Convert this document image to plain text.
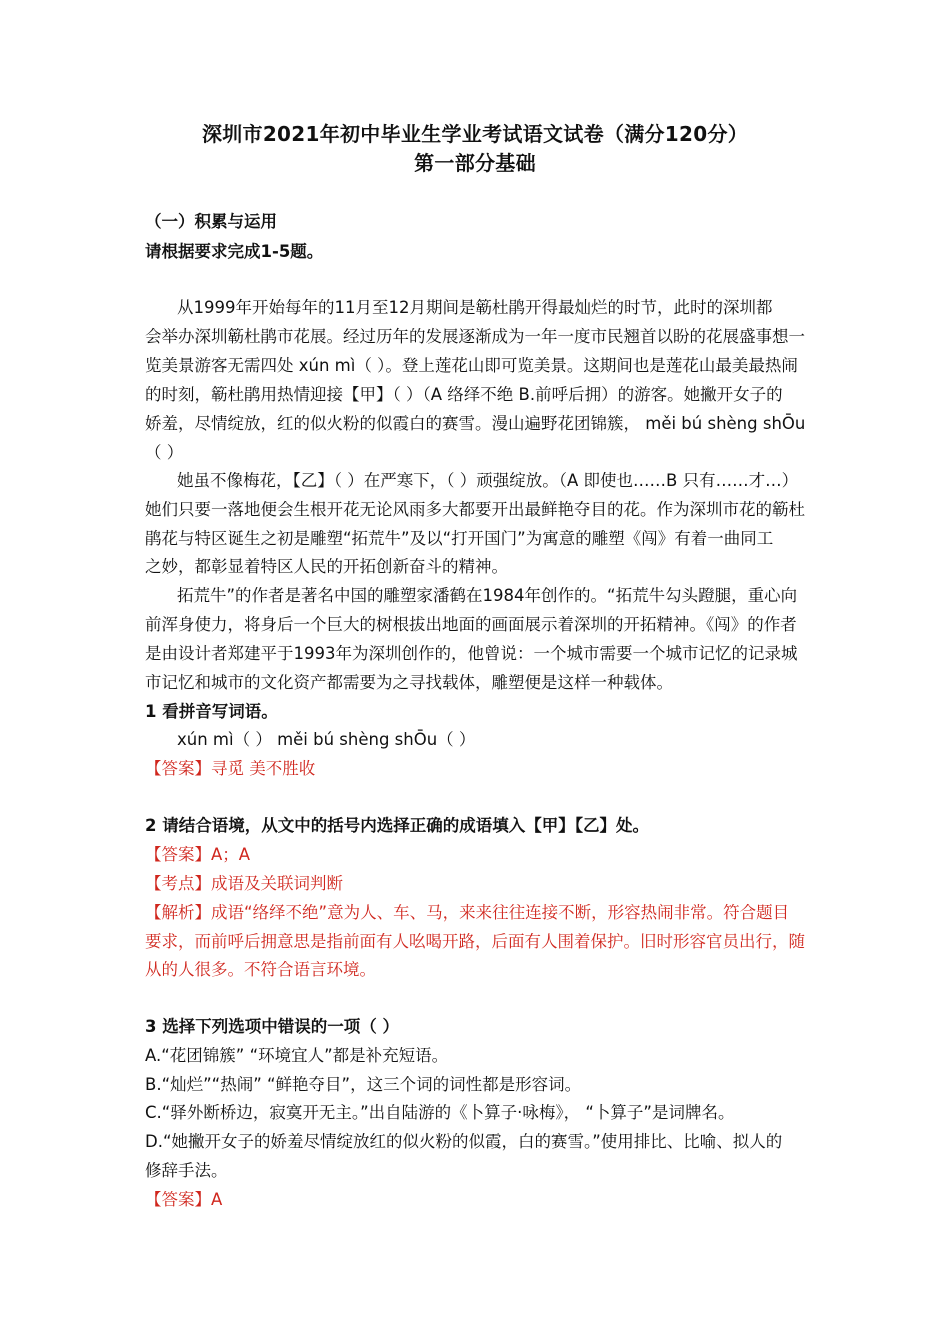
深圳市2021年初中毕业生学业考试语文试卷（满分120分）
第一部分基础
（一）积累与运用
请根据要求完成1-5题。
从1999年开始每年的11月至12月期间是簕杜鹃开得最灿烂的时节，此时的深圳都
会举办深圳簕杜鹃市花展。经过历年的发展逐渐成为一年一度市民翘首以盼的花展盛事想一
览美景游客无需四处 xún mì（ ）。登上莲花山即可览美景。这期间也是莲花山最美最热闹
的时刻，簕杜鹃用热情迎接【甲】（ ）（A 络绎不绝 B.前呼后拥）的游客。她撇开女子的
娇羞，尽情绽放，红的似火粉的似霞白的赛雪。漫山遍野花团锦簇， měi bú shèng shŌu
（ ）
她虽不像梅花，【乙】（ ）在严寒下，（ ）顽强绽放。（A 即使也……B 只有……才…）
她们只要一落地便会生根开花无论风雨多大都要开出最鲜艳夺目的花。作为深圳市花的簕杜
鹃花与特区诞生之初是雕塑“拓荒牛”及以“打开国门”为寓意的雕塑《闯》有着一曲同工
之妙，都彰显着特区人民的开拓创新奋斗的精神。
拓荒牛”的作者是著名中国的雕塑家潘鹤在1984年创作的。“拓荒牛勾头蹬腿，重心向
前浑身使力，将身后一个巨大的树根拔出地面的画面展示着深圳的开拓精神。《闯》的作者
是由设计者郑建平于1993年为深圳创作的，他曾说：一个城市需要一个城市记忆的记录城
市记忆和城市的文化资产都需要为之寻找载体，雕塑便是这样一种载体。
1 看拼音写词语。
xún mì（ ） měi bú shèng shŌu（ ）
【答案】寻觅 美不胜收
2 请结合语境，从文中的括号内选择正确的成语填入【甲】【乙】处。
【答案】A；A
【考点】成语及关联词判断
【解析】成语“络绎不绝”意为人、车、马，来来往往连接不断，形容热闹非常。符合题目
要求，而前呼后拥意思是指前面有人吆喝开路，后面有人围着保护。旧时形容官员出行，随
从的人很多。不符合语言环境。
3 选择下列选项中错误的一项（ ）
A.“花团锦簇” “环境宜人”都是补充短语。
B.“灿烂”“热闹” “鲜艳夺目”，这三个词的词性都是形容词。
C.“驿外断桥边，寂寞开无主。”出自陆游的《卜算子·咏梅》， “卜算子”是词牌名。
D.“她撇开女子的娇羞尽情绽放红的似火粉的似霞，白的赛雪。”使用排比、比喻、拟人的
修辞手法。
【答案】A
